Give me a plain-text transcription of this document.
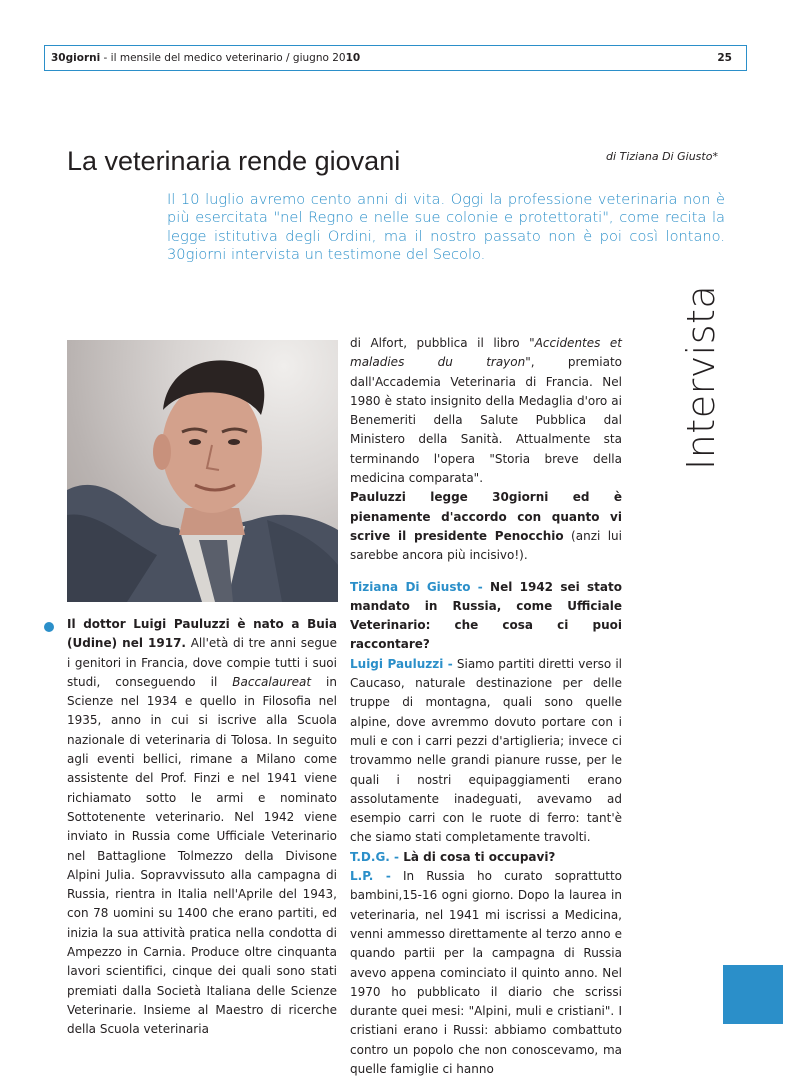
30giorni - il mensile del medico veterinario / giugno 2010	25
La veterinaria rende giovani	di Tiziana Di Giusto*

Il 10 luglio avremo cento anni di vita. Oggi la professione veterinaria non è più esercitata "nel Regno e nelle sue colonie e protettorati", come recita la legge istitutiva degli Ordini, ma il nostro passato non è poi così lontano. 30giorni intervista un testimone del Secolo.

Il dottor Luigi Pauluzzi è nato a Buia (Udine) nel 1917. All'età di tre anni segue i genitori in Francia, dove compie tutti i suoi studi, conseguendo il Baccalaureat in Scienze nel 1934 e quello in Filosofia nel 1935, anno in cui si iscrive alla Scuola nazionale di veterinaria di Tolosa. In seguito agli eventi bellici, rimane a Milano come assistente del Prof. Finzi e nel 1941 viene richiamato sotto le armi e nominato Sottotenente veterinario. Nel 1942 viene inviato in Russia come Ufficiale Veterinario nel Battaglione Tolmezzo della Divisone Alpini Julia. Sopravvissuto alla campagna di Russia, rientra in Italia nell'Aprile del 1943, con 78 uomini su 1400 che erano partiti, ed inizia la sua attività pratica nella condotta di Ampezzo in Carnia. Produce oltre cinquanta lavori scientifici, cinque dei quali sono stati premiati dalla Società Italiana delle Scienze Veterinarie. Insieme al Maestro di ricerche della Scuola veterinaria

di Alfort, pubblica il libro "Accidentes et maladies du trayon", premiato dall'Accademia Veterinaria di Francia. Nel 1980 è stato insignito della Medaglia d'oro ai Benemeriti della Salute Pubblica dal Ministero della Sanità. Attualmente sta terminando l'opera "Storia breve della medicina comparata".

Pauluzzi legge 30giorni ed è pienamente d'accordo con quanto vi scrive il presidente Penocchio (anzi lui sarebbe ancora più incisivo!).

Tiziana Di Giusto - Nel 1942 sei stato mandato in Russia, come Ufficiale Veterinario: che cosa ci puoi raccontare?

Luigi Pauluzzi - Siamo partiti diretti verso il Caucaso, naturale destinazione per delle truppe di montagna, quali sono quelle alpine, dove avremmo dovuto portare con i muli e con i carri pezzi d'artiglieria; invece ci trovammo nelle grandi pianure russe, per le quali i nostri equipaggiamenti erano assolutamente inadeguati, avevamo ad esempio carri con le ruote di ferro: tant'è che siamo stati completamente travolti.

T.D.G. - Là di cosa ti occupavi?

L.P. - In Russia ho curato soprattutto bambini,15-16 ogni giorno. Dopo la laurea in veterinaria, nel 1941 mi iscrissi a Medicina, venni ammesso direttamente al terzo anno e quando partii per la campagna di Russia avevo appena cominciato il quinto anno. Nel 1970 ho pubblicato il diario che scrissi durante quei mesi: "Alpini, muli e cristiani". I cristiani erano i Russi: abbiamo combattuto contro un popolo che non conoscevamo, ma quelle famiglie ci hanno

Intervista
